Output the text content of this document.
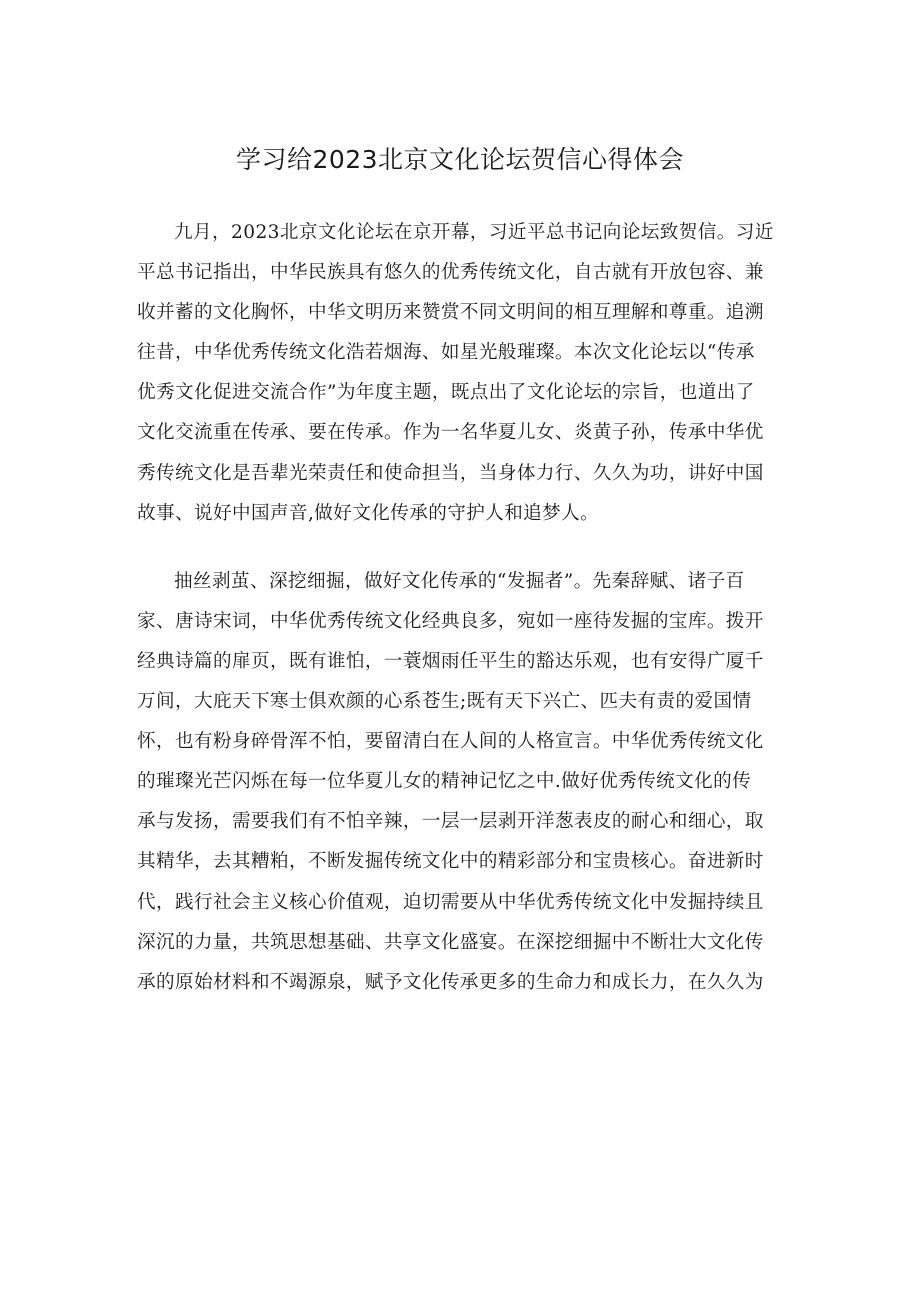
学习给2023北京文化论坛贺信心得体会

九月，2023北京文化论坛在京开幕，习近平总书记向论坛致贺信。习近
平总书记指出，中华民族具有悠久的优秀传统文化，自古就有开放包容、兼
收并蓄的文化胸怀，中华文明历来赞赏不同文明间的相互理解和尊重。追溯
往昔，中华优秀传统文化浩若烟海、如星光般璀璨。本次文化论坛以“传承
优秀文化促进交流合作”为年度主题，既点出了文化论坛的宗旨，也道出了
文化交流重在传承、要在传承。作为一名华夏儿女、炎黄子孙，传承中华优
秀传统文化是吾辈光荣责任和使命担当，当身体力行、久久为功，讲好中国
故事、说好中国声音,做好文化传承的守护人和追梦人。

抽丝剥茧、深挖细掘，做好文化传承的“发掘者”。先秦辞赋、诸子百
家、唐诗宋词，中华优秀传统文化经典良多，宛如一座待发掘的宝库。拨开
经典诗篇的扉页，既有谁怕，一蓑烟雨任平生的豁达乐观，也有安得广厦千
万间，大庇天下寒士俱欢颜的心系苍生;既有天下兴亡、匹夫有责的爱国情
怀，也有粉身碎骨浑不怕，要留清白在人间的人格宣言。中华优秀传统文化
的璀璨光芒闪烁在每一位华夏儿女的精神记忆之中.做好优秀传统文化的传
承与发扬，需要我们有不怕辛辣，一层一层剥开洋葱表皮的耐心和细心，取
其精华，去其糟粕，不断发掘传统文化中的精彩部分和宝贵核心。奋进新时
代，践行社会主义核心价值观，迫切需要从中华优秀传统文化中发掘持续且
深沉的力量，共筑思想基础、共享文化盛宴。在深挖细掘中不断壮大文化传
承的原始材料和不竭源泉，赋予文化传承更多的生命力和成长力，在久久为
